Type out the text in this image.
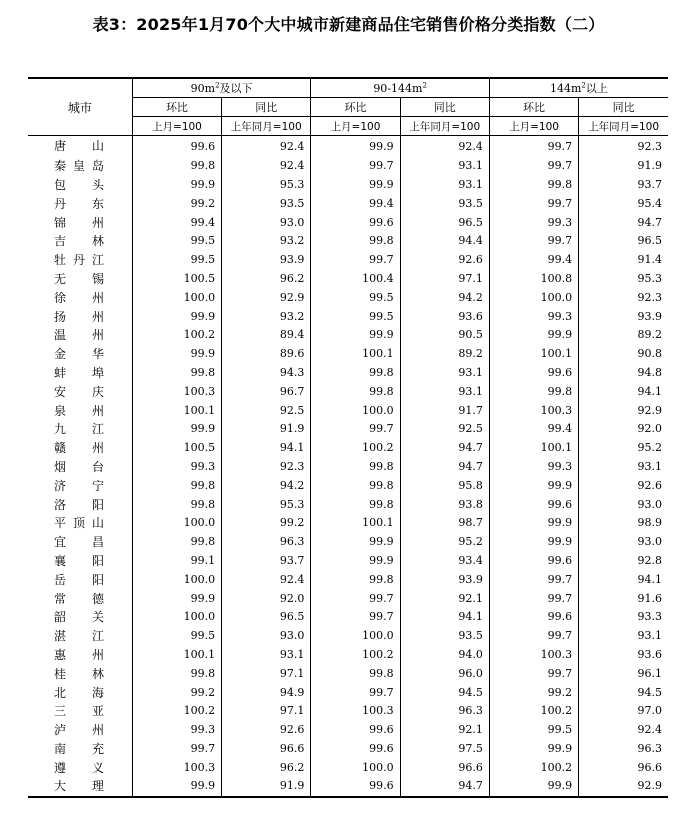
表3：2025年1月70个大中城市新建商品住宅销售价格分类指数（二）
城市	$90m^2$及以下		$90-144m^2$		$144m^2$以上	
	环比	同比	环比	同比	环比	同比
	上月=100	上年同月=100	上月=100	上年同月=100	上月=100	上年同月=100

唐 山	99.6	92.4	99.9	92.4	99.7	92.3

秦 皇 岛	99.8	92.4	99.7	93.1	99.7	91.9

包 头	99.9	95.3	99.9	93.1	99.8	93.7

丹 东	99.2	93.5	99.4	93.5	99.7	95.4

锦 州	99.4	93.0	99.6	96.5	99.3	94.7

吉 林	99.5	93.2	99.8	94.4	99.7	96.5

牡 丹 江	99.5	93.9	99.7	92.6	99.4	91.4

无 锡	100.5	96.2	100.4	97.1	100.8	95.3

徐 州	100.0	92.9	99.5	94.2	100.0	92.3

扬 州	99.9	93.2	99.5	93.6	99.3	93.9

温 州	100.2	89.4	99.9	90.5	99.9	89.2

金 华	99.9	89.6	100.1	89.2	100.1	90.8

蚌 埠	99.8	94.3	99.8	93.1	99.6	94.8

安 庆	100.3	96.7	99.8	93.1	99.8	94.1

泉 州	100.1	92.5	100.0	91.7	100.3	92.9

九 江	99.9	91.9	99.7	92.5	99.4	92.0

赣 州	100.5	94.1	100.2	94.7	100.1	95.2

烟 台	99.3	92.3	99.8	94.7	99.3	93.1

济 宁	99.8	94.2	99.8	95.8	99.9	92.6

洛 阳	99.8	95.3	99.8	93.8	99.6	93.0

平 顶 山	100.0	99.2	100.1	98.7	99.9	98.9

宜 昌	99.8	96.3	99.9	95.2	99.9	93.0

襄 阳	99.1	93.7	99.9	93.4	99.6	92.8

岳 阳	100.0	92.4	99.8	93.9	99.7	94.1

常 德	99.9	92.0	99.7	92.1	99.7	91.6

韶 关	100.0	96.5	99.7	94.1	99.6	93.3

湛 江	99.5	93.0	100.0	93.5	99.7	93.1

惠 州	100.1	93.1	100.2	94.0	100.3	93.6

桂 林	99.8	97.1	99.8	96.0	99.7	96.1

北 海	99.2	94.9	99.7	94.5	99.2	94.5

三 亚	100.2	97.1	100.3	96.3	100.2	97.0

泸 州	99.3	92.6	99.6	92.1	99.5	92.4

南 充	99.7	96.6	99.6	97.5	99.9	96.3

遵 义	100.3	96.2	100.0	96.6	100.2	96.6

大 理	99.9	91.9	99.6	94.7	99.9	92.9
